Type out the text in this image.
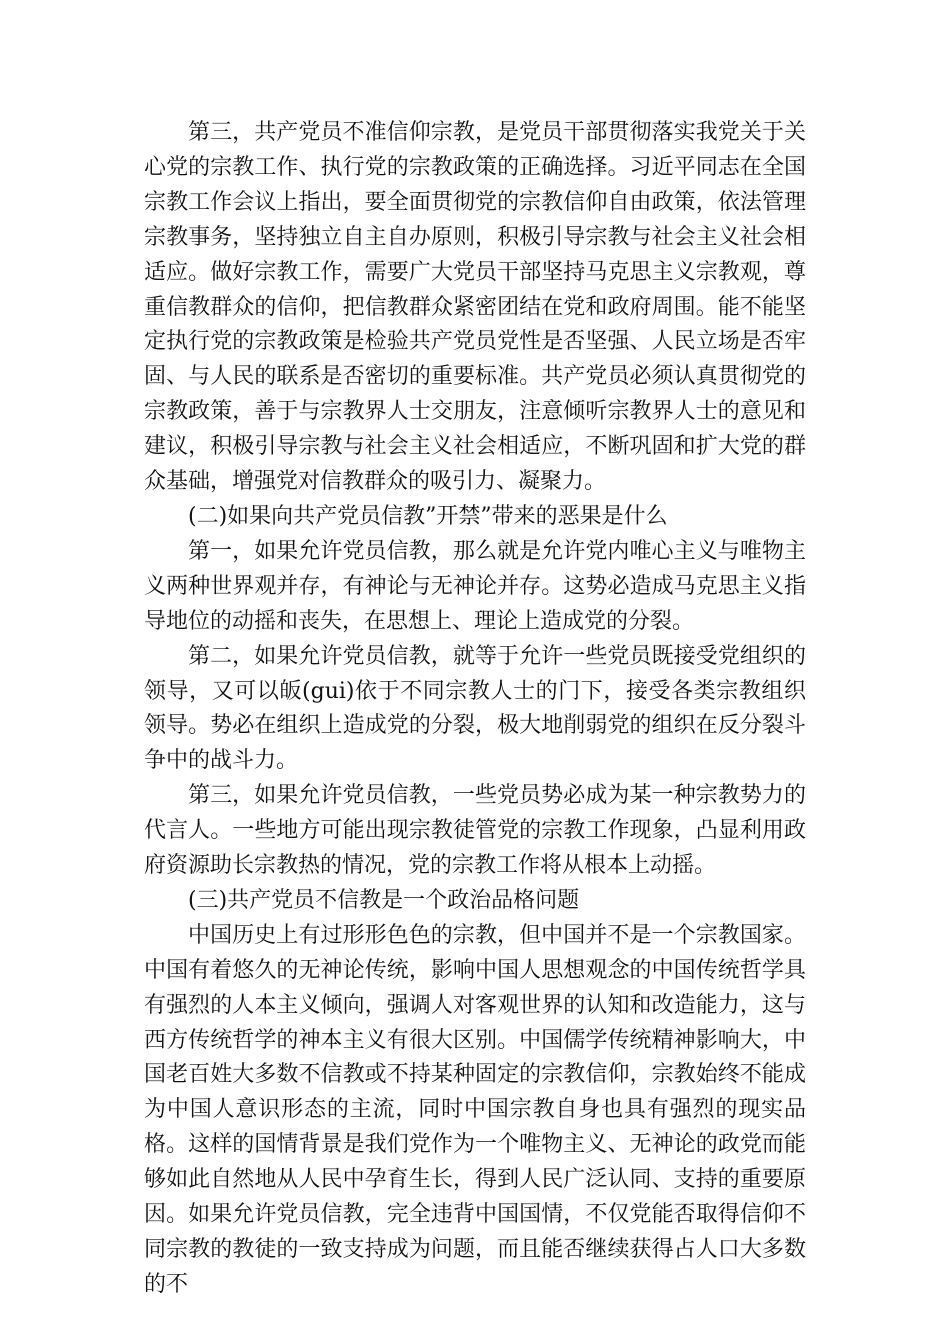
第三，共产党员不准信仰宗教，是党员干部贯彻落实我党关于关心党的宗教工作、执行党的宗教政策的正确选择。习近平同志在全国宗教工作会议上指出，要全面贯彻党的宗教信仰自由政策，依法管理宗教事务，坚持独立自主自办原则，积极引导宗教与社会主义社会相适应。做好宗教工作，需要广大党员干部坚持马克思主义宗教观，尊重信教群众的信仰，把信教群众紧密团结在党和政府周围。能不能坚定执行党的宗教政策是检验共产党员党性是否坚强、人民立场是否牢固、与人民的联系是否密切的重要标准。共产党员必须认真贯彻党的宗教政策，善于与宗教界人士交朋友，注意倾听宗教界人士的意见和建议，积极引导宗教与社会主义社会相适应，不断巩固和扩大党的群众基础，增强党对信教群众的吸引力、凝聚力。

(二)如果向共产党员信教”开禁”带来的恶果是什么

第一，如果允许党员信教，那么就是允许党内唯心主义与唯物主义两种世界观并存，有神论与无神论并存。这势必造成马克思主义指导地位的动摇和丧失，在思想上、理论上造成党的分裂。

第二，如果允许党员信教，就等于允许一些党员既接受党组织的领导，又可以皈(gui)依于不同宗教人士的门下，接受各类宗教组织领导。势必在组织上造成党的分裂，极大地削弱党的组织在反分裂斗争中的战斗力。

第三，如果允许党员信教，一些党员势必成为某一种宗教势力的代言人。一些地方可能出现宗教徒管党的宗教工作现象，凸显利用政府资源助长宗教热的情况，党的宗教工作将从根本上动摇。

(三)共产党员不信教是一个政治品格问题

中国历史上有过形形色色的宗教，但中国并不是一个宗教国家。中国有着悠久的无神论传统，影响中国人思想观念的中国传统哲学具有强烈的人本主义倾向，强调人对客观世界的认知和改造能力，这与西方传统哲学的神本主义有很大区别。中国儒学传统精神影响大，中国老百姓大多数不信教或不持某种固定的宗教信仰，宗教始终不能成为中国人意识形态的主流，同时中国宗教自身也具有强烈的现实品格。这样的国情背景是我们党作为一个唯物主义、无神论的政党而能够如此自然地从人民中孕育生长，得到人民广泛认同、支持的重要原因。如果允许党员信教，完全违背中国国情，不仅党能否取得信仰不同宗教的教徒的一致支持成为问题，而且能否继续获得占人口大多数的不
